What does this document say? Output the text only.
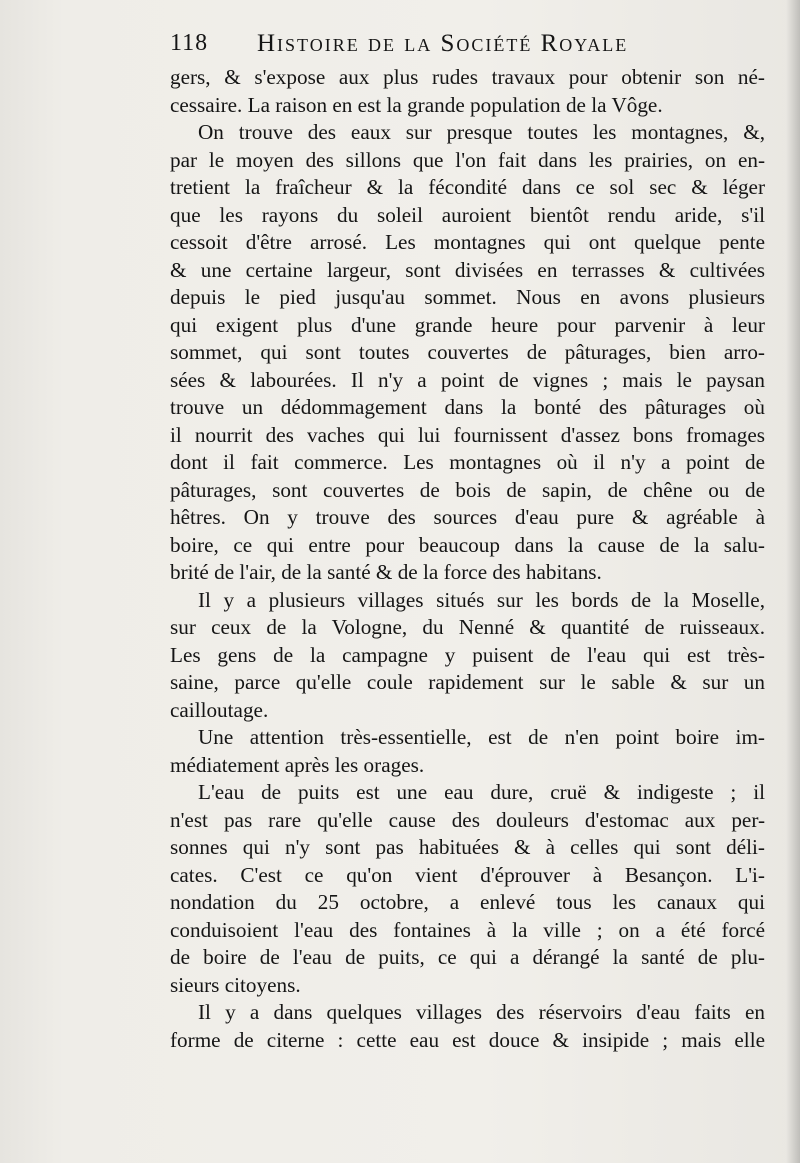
118 Histoire de la Société Royale
gers, & s'expose aux plus rudes travaux pour obtenir son né-
cessaire. La raison en est la grande population de la Vôge.
On trouve des eaux sur presque toutes les montagnes, &,
par le moyen des sillons que l'on fait dans les prairies, on en-
tretient la fraîcheur & la fécondité dans ce sol sec & léger
que les rayons du soleil auroient bientôt rendu aride, s'il
cessoit d'être arrosé. Les montagnes qui ont quelque pente
& une certaine largeur, sont divisées en terrasses & cultivées
depuis le pied jusqu'au sommet. Nous en avons plusieurs
qui exigent plus d'une grande heure pour parvenir à leur
sommet, qui sont toutes couvertes de pâturages, bien arro-
sées & labourées. Il n'y a point de vignes ; mais le paysan
trouve un dédommagement dans la bonté des pâturages où
il nourrit des vaches qui lui fournissent d'assez bons fromages
dont il fait commerce. Les montagnes où il n'y a point de
pâturages, sont couvertes de bois de sapin, de chêne ou de
hêtres. On y trouve des sources d'eau pure & agréable à
boire, ce qui entre pour beaucoup dans la cause de la salu-
brité de l'air, de la santé & de la force des habitans.
Il y a plusieurs villages situés sur les bords de la Moselle,
sur ceux de la Vologne, du Nenné & quantité de ruisseaux.
Les gens de la campagne y puisent de l'eau qui est très-
saine, parce qu'elle coule rapidement sur le sable & sur un
cailloutage.
Une attention très-essentielle, est de n'en point boire im-
médiatement après les orages.
L'eau de puits est une eau dure, cruë & indigeste ; il
n'est pas rare qu'elle cause des douleurs d'estomac aux per-
sonnes qui n'y sont pas habituées & à celles qui sont déli-
cates. C'est ce qu'on vient d'éprouver à Besançon. L'i-
nondation du 25 octobre, a enlevé tous les canaux qui
conduisoient l'eau des fontaines à la ville ; on a été forcé
de boire de l'eau de puits, ce qui a dérangé la santé de plu-
sieurs citoyens.
Il y a dans quelques villages des réservoirs d'eau faits en
forme de citerne : cette eau est douce & insipide ; mais elle
